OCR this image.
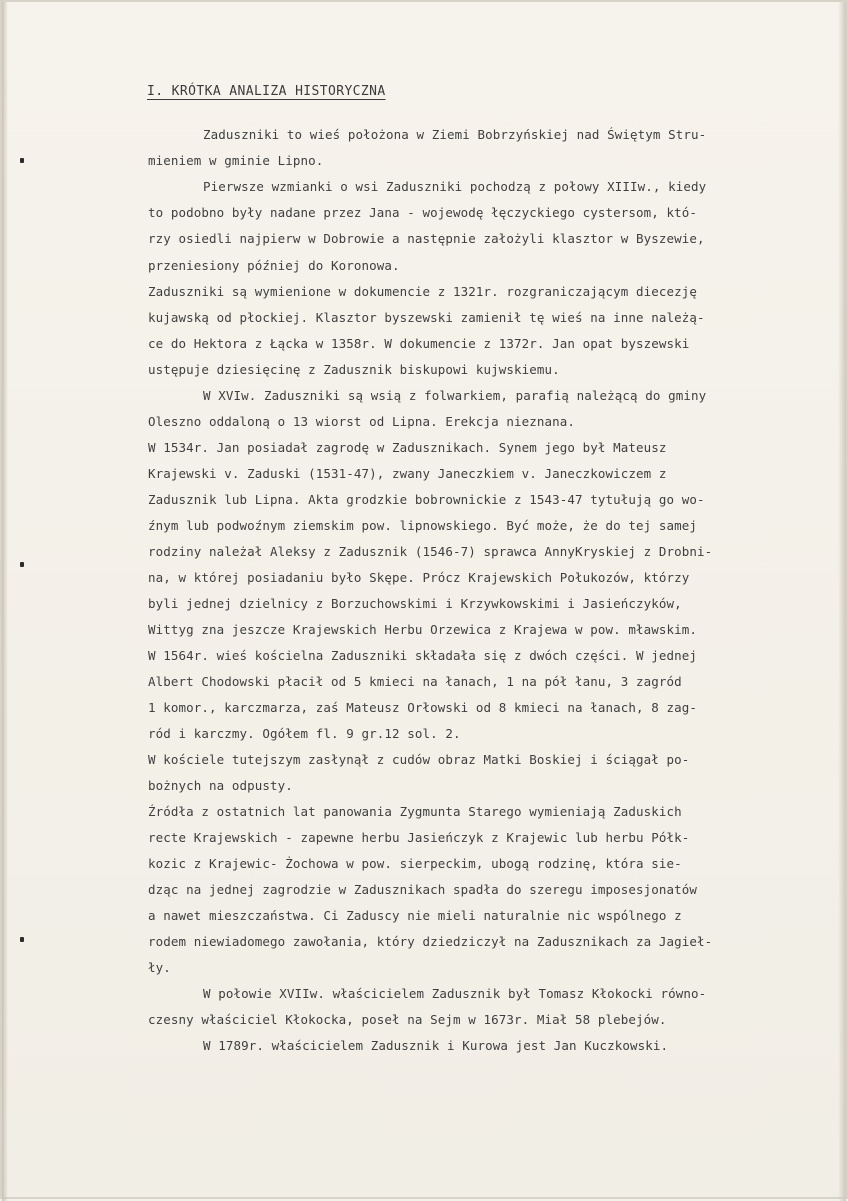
I. KRÓTKA ANALIZA HISTORYCZNA
Zaduszniki to wieś położona w Ziemi Bobrzyńskiej nad Świętym Stru-
mieniem w gminie Lipno.
Pierwsze wzmianki o wsi Zaduszniki pochodzą z połowy XIIIw., kiedy
to podobno były nadane przez Jana - wojewodę łęczyckiego cystersom, któ-
rzy osiedli najpierw w Dobrowie a następnie założyli klasztor w Byszewie,
przeniesiony później do Koronowa.
Zaduszniki są wymienione w dokumencie z 1321r. rozgraniczającym diecezję
kujawską od płockiej. Klasztor byszewski zamienił tę wieś na inne należą-
ce do Hektora z Łąckа w 1358r. W dokumencie z 1372r. Jan opat byszewski
ustępuje dziesięcinę z Zadusznik biskupowi kujwskiemu.
W XVIw. Zaduszniki są wsią z folwarkiem, parafią należącą do gminy
Oleszno oddaloną o 13 wiorst od Lipna. Erekcja nieznana.
W 1534r. Jan posiadał zagrodę w Zadusznikach. Synem jego był Mateusz
Krajewski v. Zaduski (1531-47), zwany Janeczkiem v. Janeczkowiczem z
Zadusznik lub Lipna. Akta grodzkie bobrownickie z 1543-47 tytułują go wo-
źnym lub podwoźnym ziemskim pow. lipnowskiego. Być może, że do tej samej
rodziny należał Aleksy z Zadusznik (1546-7) sprawca AnnyKryskiej z Drobni-
na, w której posiadaniu było Skępe. Prócz Krajewskich Połukozów, którzy
byli jednej dzielnicy z Borzuchowskimi i Krzywkowskimi i Jasieńczyków,
Wittyg zna jeszcze Krajewskich Herbu Orzewica z Krajewa w pow. mławskim.
W 1564r. wieś kościelna Zaduszniki składała się z dwóch części. W jednej
Albert Chodowski płacił od 5 kmieci na łanach, 1 na pół łanu, 3 zagród
1 komor., karczmarza, zaś Mateusz Orłowski od 8 kmieci na łanach, 8 zag-
ród i karczmy. Ogółem fl. 9 gr.12 sol. 2.
W kościele tutejszym zasłynął z cudów obraz Matki Boskiej i ściągał po-
bożnych na odpusty.
Źródła z ostatnich lat panowania Zygmunta Starego wymieniają Zaduskich
recte Krajewskich - zapewne herbu Jasieńczyk z Krajewic lub herbu Półk-
kozic z Krajewic- Żochowa w pow. sierpeckim, ubogą rodzinę, która sie-
dząc na jednej zagrodzie w Zadusznikach spadła do szeregu imposesjonatów
a nawet mieszczaństwa. Ci Zaduscy nie mieli naturalnie nic wspólnego z
rodem niewiadomego zawołania, który dziedziczył na Zadusznikach za Jagieł-
ły.
W połowie XVIIw. właścicielem Zadusznik był Tomasz Kłokocki równo-
czesny właściciel Kłokocka, poseł na Sejm w 1673r. Miał 58 plebejów.
W 1789r. właścicielem Zadusznik i Kurowa jest Jan Kuczkowski.
